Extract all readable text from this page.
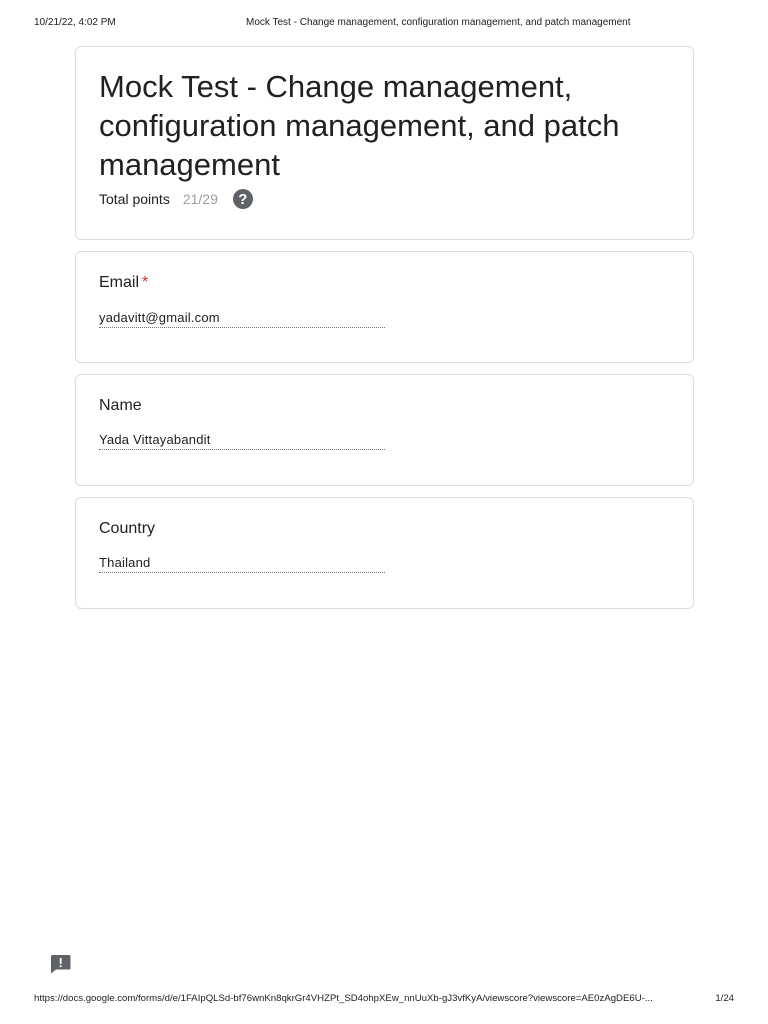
10/21/22, 4:02 PM	Mock Test - Change management, configuration management, and patch management
Mock Test - Change management, configuration management, and patch management
Total points 21/29	?
Email *
yadavitt@gmail.com
Name
Yada Vittayabandit
Country
Thailand
https://docs.google.com/forms/d/e/1FAIpQLSd-bf76wnKn8qkrGr4VHZPt_SD4ohpXEw_nnUuXb-gJ3vfKyA/viewscore?viewscore=AE0zAgDE6U-...	1/24
